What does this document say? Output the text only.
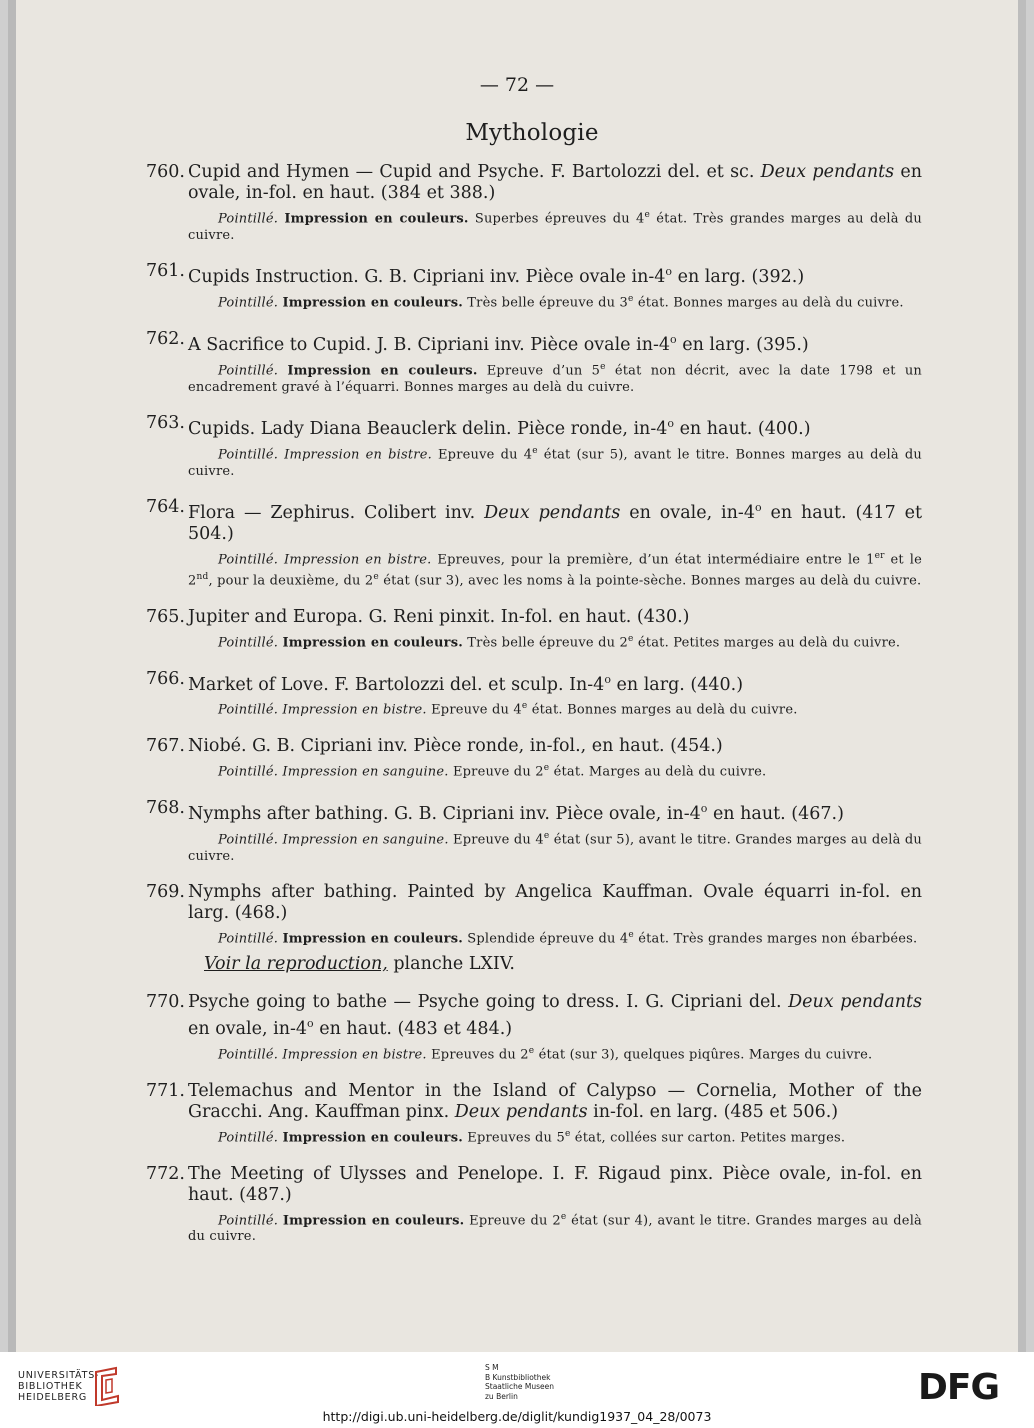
— 72 —
Mythologie
760. Cupid and Hymen — Cupid and Psyche. F. Bartolozzi del. et sc. Deux pendants en ovale, in-fol. en haut. (384 et 388.)
Pointillé. Impression en couleurs. Superbes épreuves du 4e état. Très grandes marges au delà du cuivre.
761. Cupids Instruction. G. B. Cipriani inv. Pièce ovale in-4$^o$ en larg. (392.)
Pointillé. Impression en couleurs. Très belle épreuve du 3e état. Bonnes marges au delà du cuivre.
762. A Sacrifice to Cupid. J. B. Cipriani inv. Pièce ovale in-4$^o$ en larg. (395.)
Pointillé. Impression en couleurs. Epreuve d’un 5e état non décrit, avec la date 1798 et un encadrement gravé à l’équarri. Bonnes marges au delà du cuivre.
763. Cupids. Lady Diana Beauclerk delin. Pièce ronde, in-4$^o$ en haut. (400.)
Pointillé. Impression en bistre. Epreuve du 4e état (sur 5), avant le titre. Bonnes marges au delà du cuivre.
764. Flora — Zephirus. Colibert inv. Deux pendants en ovale, in-4$^o$ en haut. (417 et 504.)
Pointillé. Impression en bistre. Epreuves, pour la première, d’un état intermédiaire entre le 1er et le 2nd, pour la deuxième, du 2e état (sur 3), avec les noms à la pointe-sèche. Bonnes marges au delà du cuivre.
765. Jupiter and Europa. G. Reni pinxit. In-fol. en haut. (430.)
Pointillé. Impression en couleurs. Très belle épreuve du 2e état. Petites marges au delà du cuivre.
766. Market of Love. F. Bartolozzi del. et sculp. In-4$^o$ en larg. (440.)
Pointillé. Impression en bistre. Epreuve du 4e état. Bonnes marges au delà du cuivre.
767. Niobé. G. B. Cipriani inv. Pièce ronde, in-fol., en haut. (454.)
Pointillé. Impression en sanguine. Epreuve du 2e état. Marges au delà du cuivre.
768. Nymphs after bathing. G. B. Cipriani inv. Pièce ovale, in-4$^o$ en haut. (467.)
Pointillé. Impression en sanguine. Epreuve du 4e état (sur 5), avant le titre. Grandes marges au delà du cuivre.
769. Nymphs after bathing. Painted by Angelica Kauffman. Ovale équarri in-fol. en larg. (468.)
Pointillé. Impression en couleurs. Splendide épreuve du 4e état. Très grandes marges non ébarbées.
Voir la reproduction, planche LXIV.
770. Psyche going to bathe — Psyche going to dress. I. G. Cipriani del. Deux pendants en ovale, in-4$^o$ en haut. (483 et 484.)
Pointillé. Impression en bistre. Epreuves du 2e état (sur 3), quelques piqûres. Marges du cuivre.
771. Telemachus and Mentor in the Island of Calypso — Cornelia, Mother of the Gracchi. Ang. Kauffman pinx. Deux pendants in-fol. en larg. (485 et 506.)
Pointillé. Impression en couleurs. Epreuves du 5e état, collées sur carton. Petites marges.
772. The Meeting of Ulysses and Penelope. I. F. Rigaud pinx. Pièce ovale, in-fol. en haut. (487.)
Pointillé. Impression en couleurs. Epreuve du 2e état (sur 4), avant le titre. Grandes marges au delà du cuivre.
UNIVERSITÄTS-
BIBLIOTHEK
HEIDELBERG
S M
B Kunstbibliothek
Staatliche Museen
zu Berlin	DFG
http://digi.ub.uni-heidelberg.de/diglit/kundig1937_04_28/0073
